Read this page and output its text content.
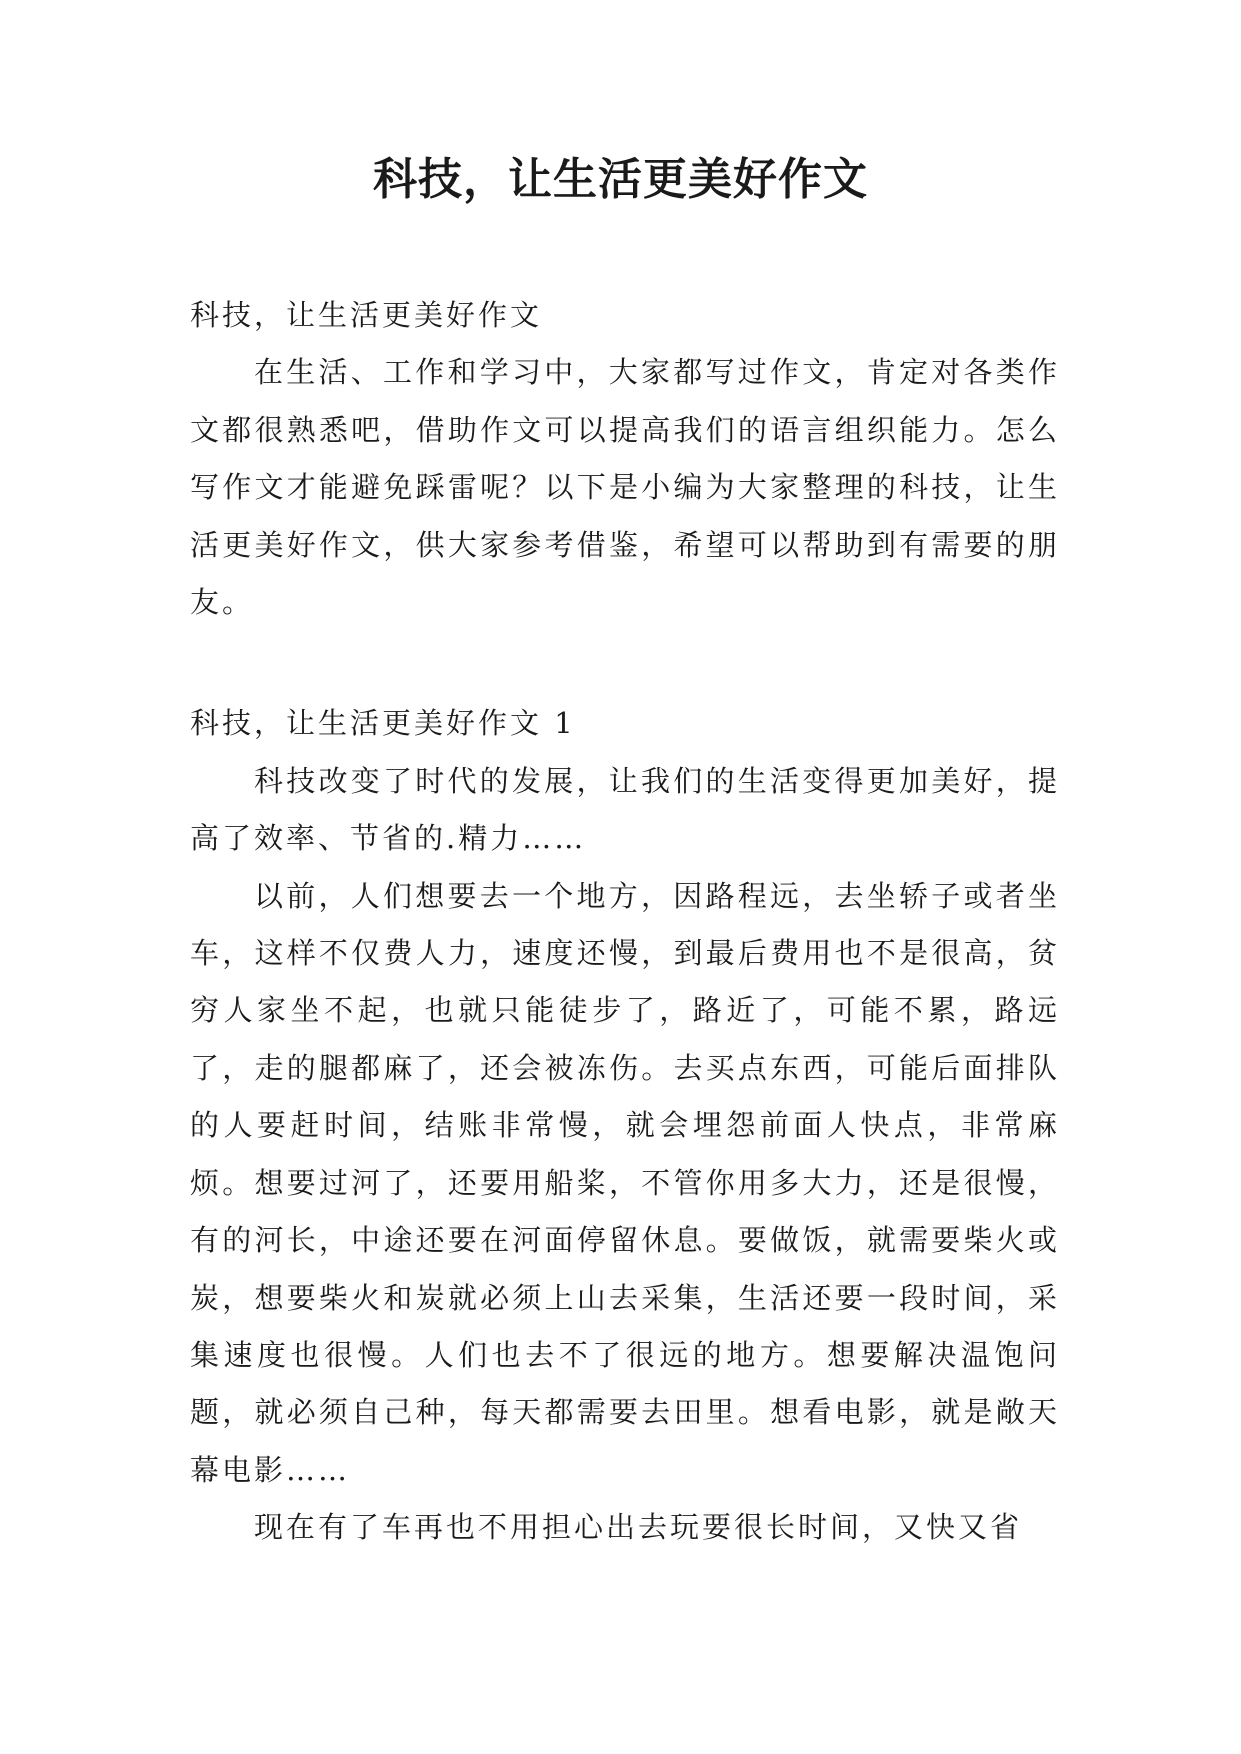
科技，让生活更美好作文

科技，让生活更美好作文

在生活、工作和学习中，大家都写过作文，肯定对各类作文都很熟悉吧，借助作文可以提高我们的语言组织能力。怎么写作文才能避免踩雷呢？以下是小编为大家整理的科技，让生活更美好作文，供大家参考借鉴，希望可以帮助到有需要的朋友。

科技，让生活更美好作文 1

科技改变了时代的发展，让我们的生活变得更加美好，提高了效率、节省的.精力……

以前，人们想要去一个地方，因路程远，去坐轿子或者坐车，这样不仅费人力，速度还慢，到最后费用也不是很高，贫穷人家坐不起，也就只能徒步了，路近了，可能不累，路远了，走的腿都麻了，还会被冻伤。去买点东西，可能后面排队的人要赶时间，结账非常慢，就会埋怨前面人快点，非常麻烦。想要过河了，还要用船桨，不管你用多大力，还是很慢，有的河长，中途还要在河面停留休息。要做饭，就需要柴火或炭，想要柴火和炭就必须上山去采集，生活还要一段时间，采集速度也很慢。人们也去不了很远的地方。想要解决温饱问题，就必须自己种，每天都需要去田里。想看电影，就是敞天幕电影……

现在有了车再也不用担心出去玩要很长时间，又快又省
